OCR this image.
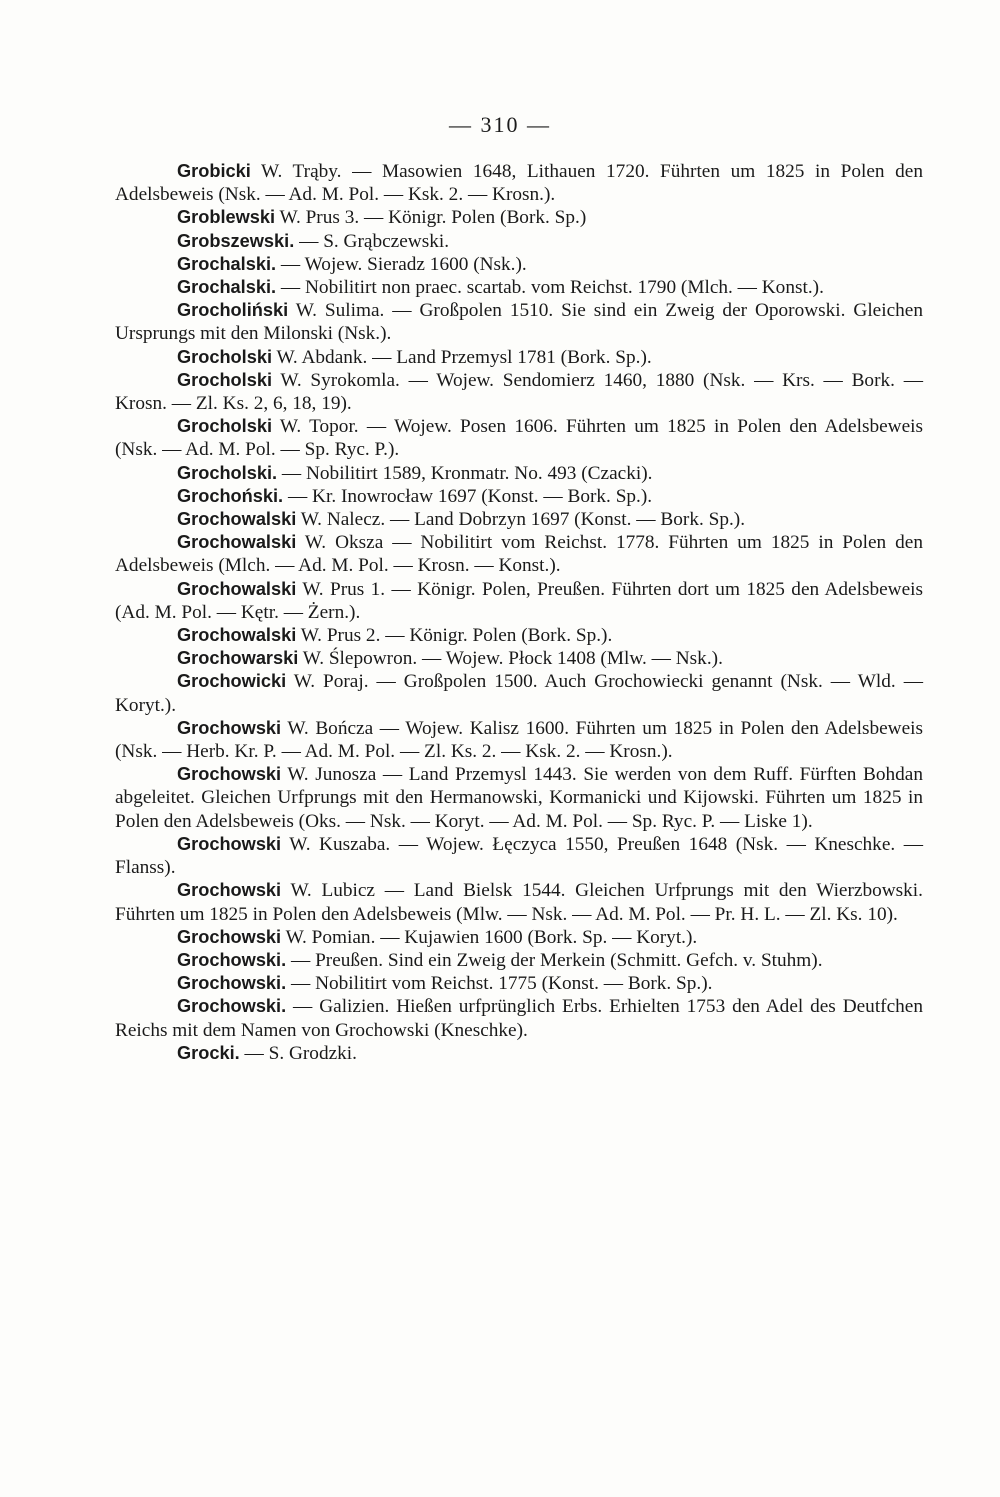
— 310 —

Grobicki W. Trąby. — Masowien 1648, Lithauen 1720. Führten um 1825 in Polen den Adelsbeweis (Nsk. — Ad. M. Pol. — Ksk. 2. — Krosn.).

Groblewski W. Prus 3. — Königr. Polen (Bork. Sp.)

Grobszewski. — S. Grąbczewski.

Grochalski. — Wojew. Sieradz 1600 (Nsk.).

Grochalski. — Nobilitirt non praec. scartab. vom Reichst. 1790 (Mlch. — Konst.).

Grocholiński W. Sulima. — Großpolen 1510. Sie sind ein Zweig der Oporowski. Gleichen Ursprungs mit den Milonski (Nsk.).

Grocholski W. Abdank. — Land Przemysl 1781 (Bork. Sp.).

Grocholski W. Syrokomla. — Wojew. Sendomierz 1460, 1880 (Nsk. — Krs. — Bork. — Krosn. — Zl. Ks. 2, 6, 18, 19).

Grocholski W. Topor. — Wojew. Posen 1606. Führten um 1825 in Polen den Adelsbeweis (Nsk. — Ad. M. Pol. — Sp. Ryc. P.).

Grocholski. — Nobilitirt 1589, Kronmatr. No. 493 (Czacki).

Grochoński. — Kr. Inowrocław 1697 (Konst. — Bork. Sp.).

Grochowalski W. Nalecz. — Land Dobrzyn 1697 (Konst. — Bork. Sp.).

Grochowalski W. Oksza — Nobilitirt vom Reichst. 1778. Führten um 1825 in Polen den Adelsbeweis (Mlch. — Ad. M. Pol. — Krosn. — Konst.).

Grochowalski W. Prus 1. — Königr. Polen, Preußen. Führten dort um 1825 den Adelsbeweis (Ad. M. Pol. — Kętr. — Żern.).

Grochowalski W. Prus 2. — Königr. Polen (Bork. Sp.).

Grochowarski W. Ślepowron. — Wojew. Płock 1408 (Mlw. — Nsk.).

Grochowicki W. Poraj. — Großpolen 1500. Auch Grochowiecki genannt (Nsk. — Wld. — Koryt.).

Grochowski W. Bończa — Wojew. Kalisz 1600. Führten um 1825 in Polen den Adelsbeweis (Nsk. — Herb. Kr. P. — Ad. M. Pol. — Zl. Ks. 2. — Ksk. 2. — Krosn.).

Grochowski W. Junosza — Land Przemysl 1443. Sie werden von dem Ruff. Fürften Bohdan abgeleitet. Gleichen Urfprungs mit den Hermanowski, Kormanicki und Kijowski. Führten um 1825 in Polen den Adelsbeweis (Oks. — Nsk. — Koryt. — Ad. M. Pol. — Sp. Ryc. P. — Liske 1).

Grochowski W. Kuszaba. — Wojew. Łęczyca 1550, Preußen 1648 (Nsk. — Kneschke. — Flanss).

Grochowski W. Lubicz — Land Bielsk 1544. Gleichen Urfprungs mit den Wierzbowski. Führten um 1825 in Polen den Adelsbeweis (Mlw. — Nsk. — Ad. M. Pol. — Pr. H. L. — Zl. Ks. 10).

Grochowski W. Pomian. — Kujawien 1600 (Bork. Sp. — Koryt.).

Grochowski. — Preußen. Sind ein Zweig der Merkein (Schmitt. Gefch. v. Stuhm).

Grochowski. — Nobilitirt vom Reichst. 1775 (Konst. — Bork. Sp.).

Grochowski. — Galizien. Hießen urfprünglich Erbs. Erhielten 1753 den Adel des Deutfchen Reichs mit dem Namen von Grochowski (Kneschke).

Grocki. — S. Grodzki.
